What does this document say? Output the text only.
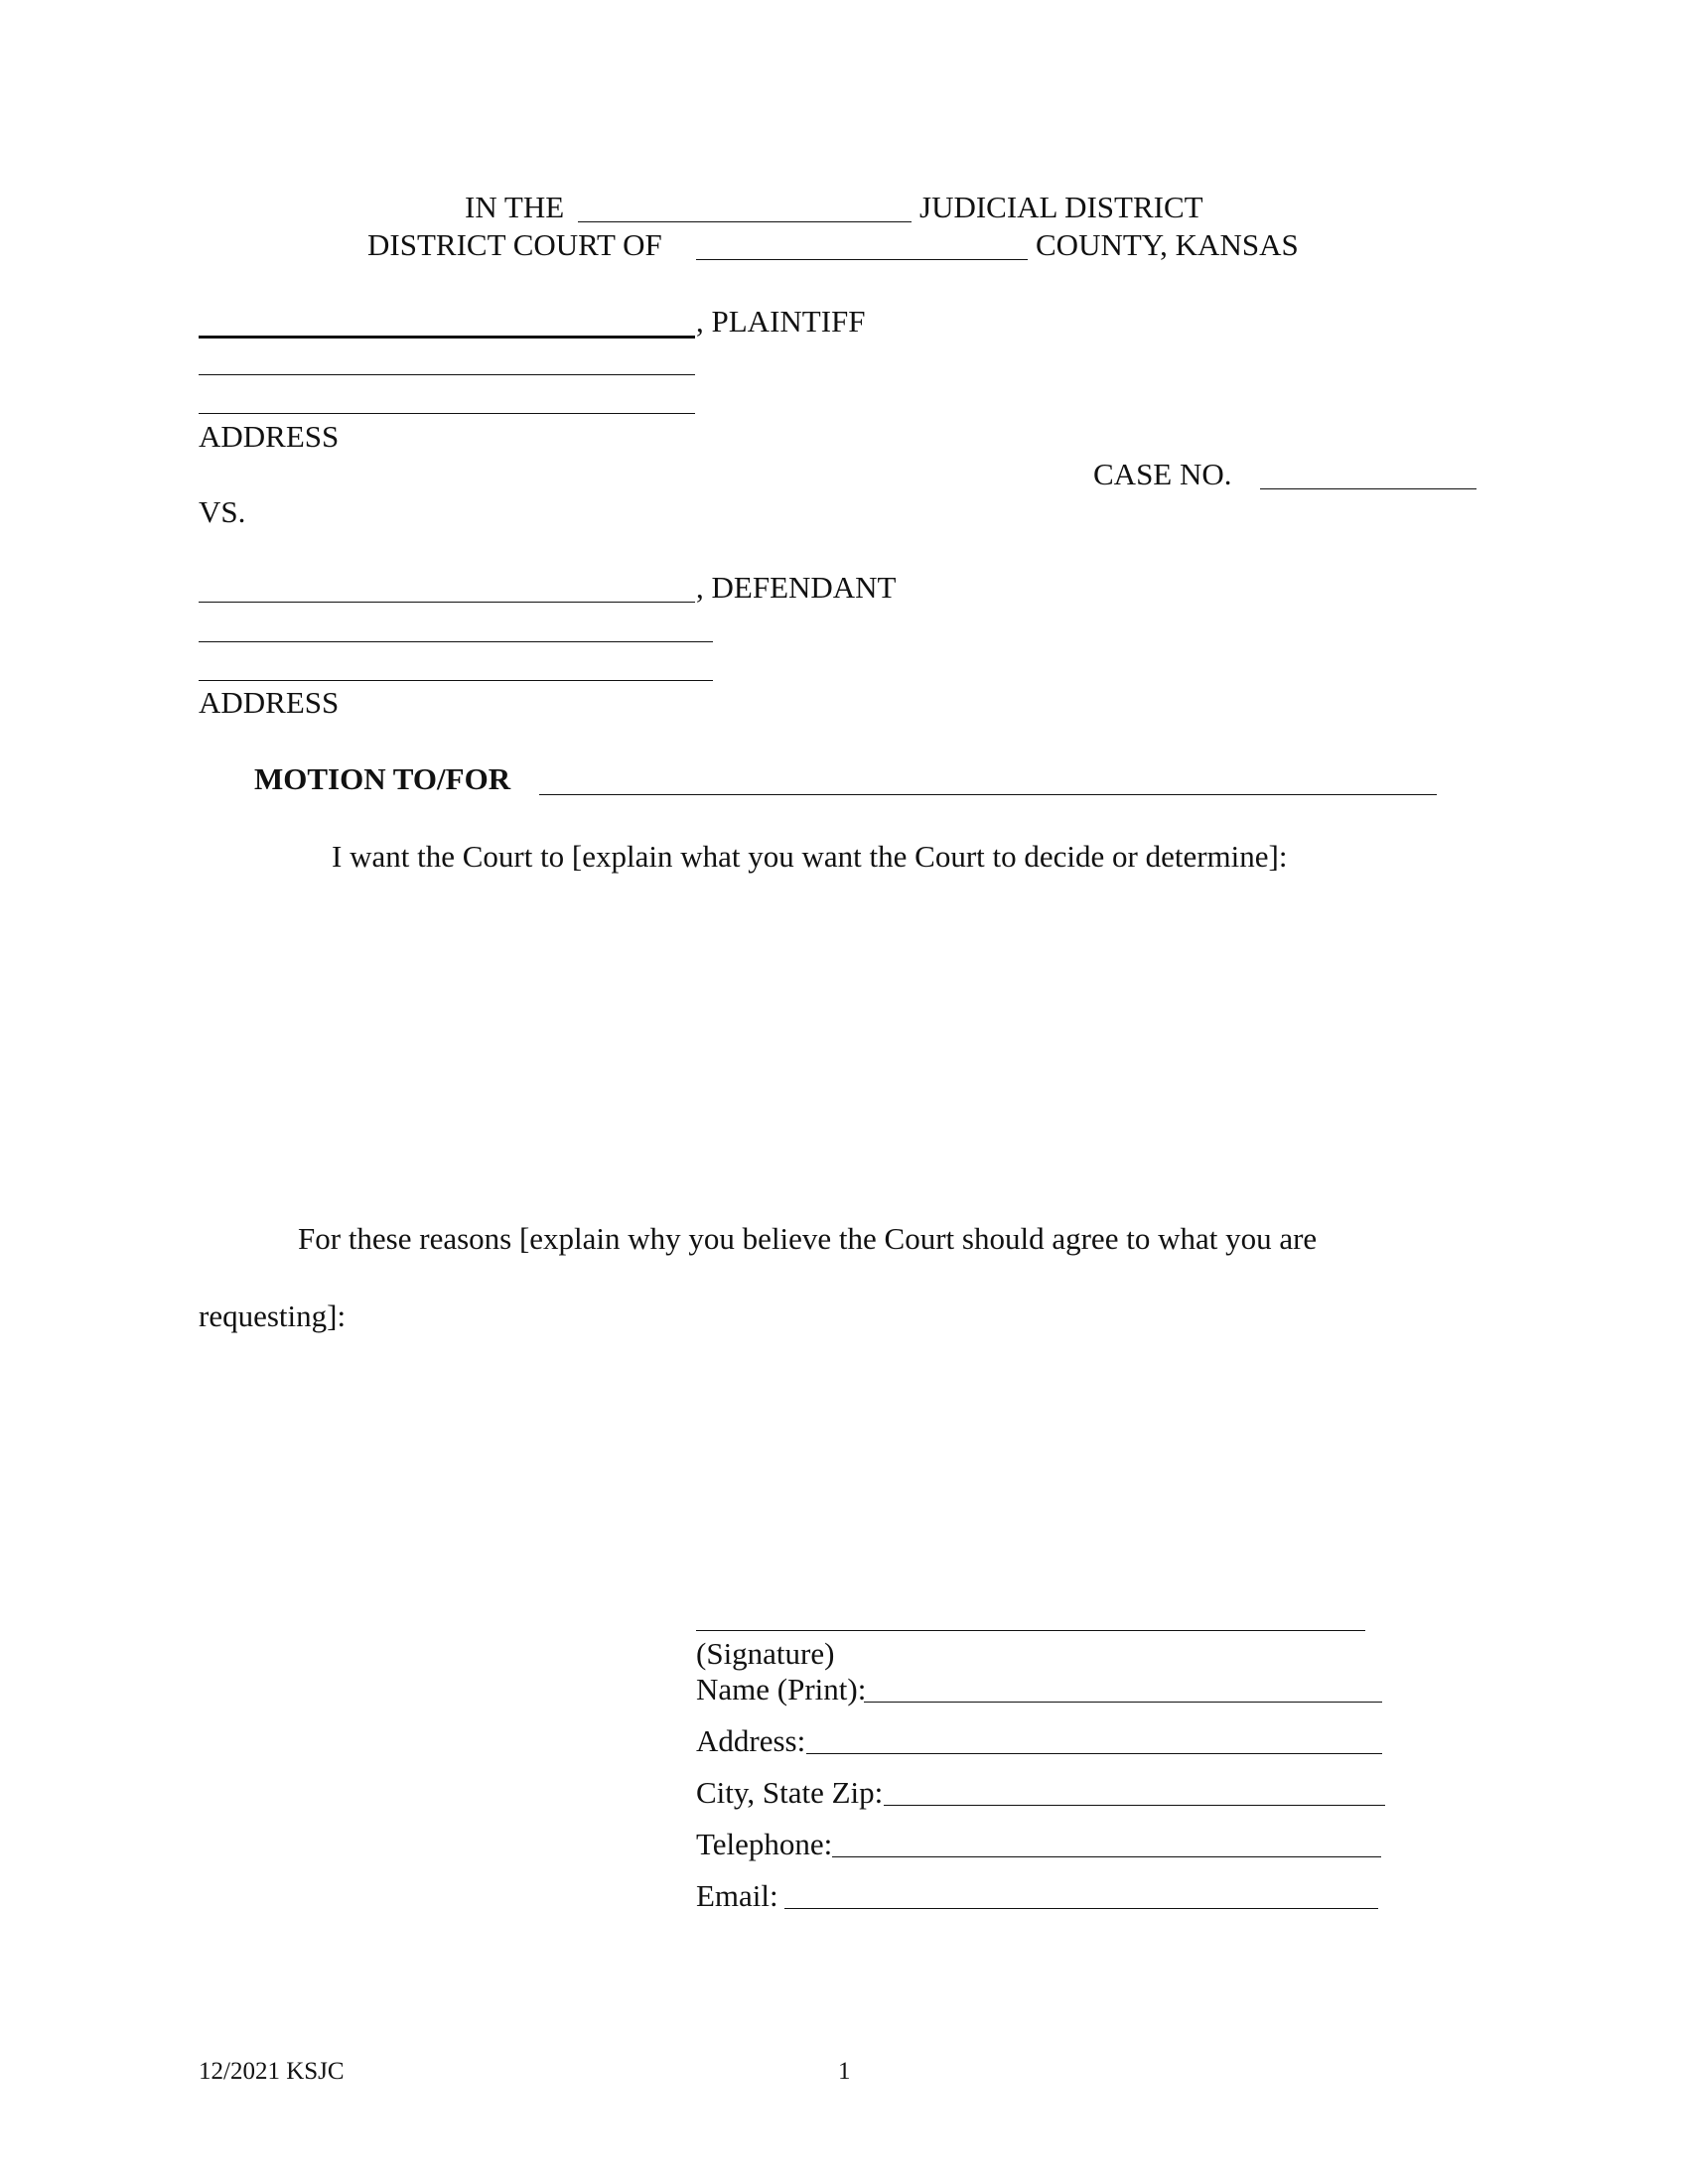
IN THE	JUDICIAL DISTRICT
DISTRICT COURT OF	COUNTY, KANSAS
, PLAINTIFF
ADDRESS
CASE NO.
VS.
, DEFENDANT
ADDRESS
MOTION TO/FOR
I want the Court to [explain what you want the Court to decide or determine]:
For these reasons [explain why you believe the Court should agree to what you are
requesting]:
(Signature)
Name (Print):
Address:
City, State Zip:
Telephone:
Email:
12/2021 KSJC	1
